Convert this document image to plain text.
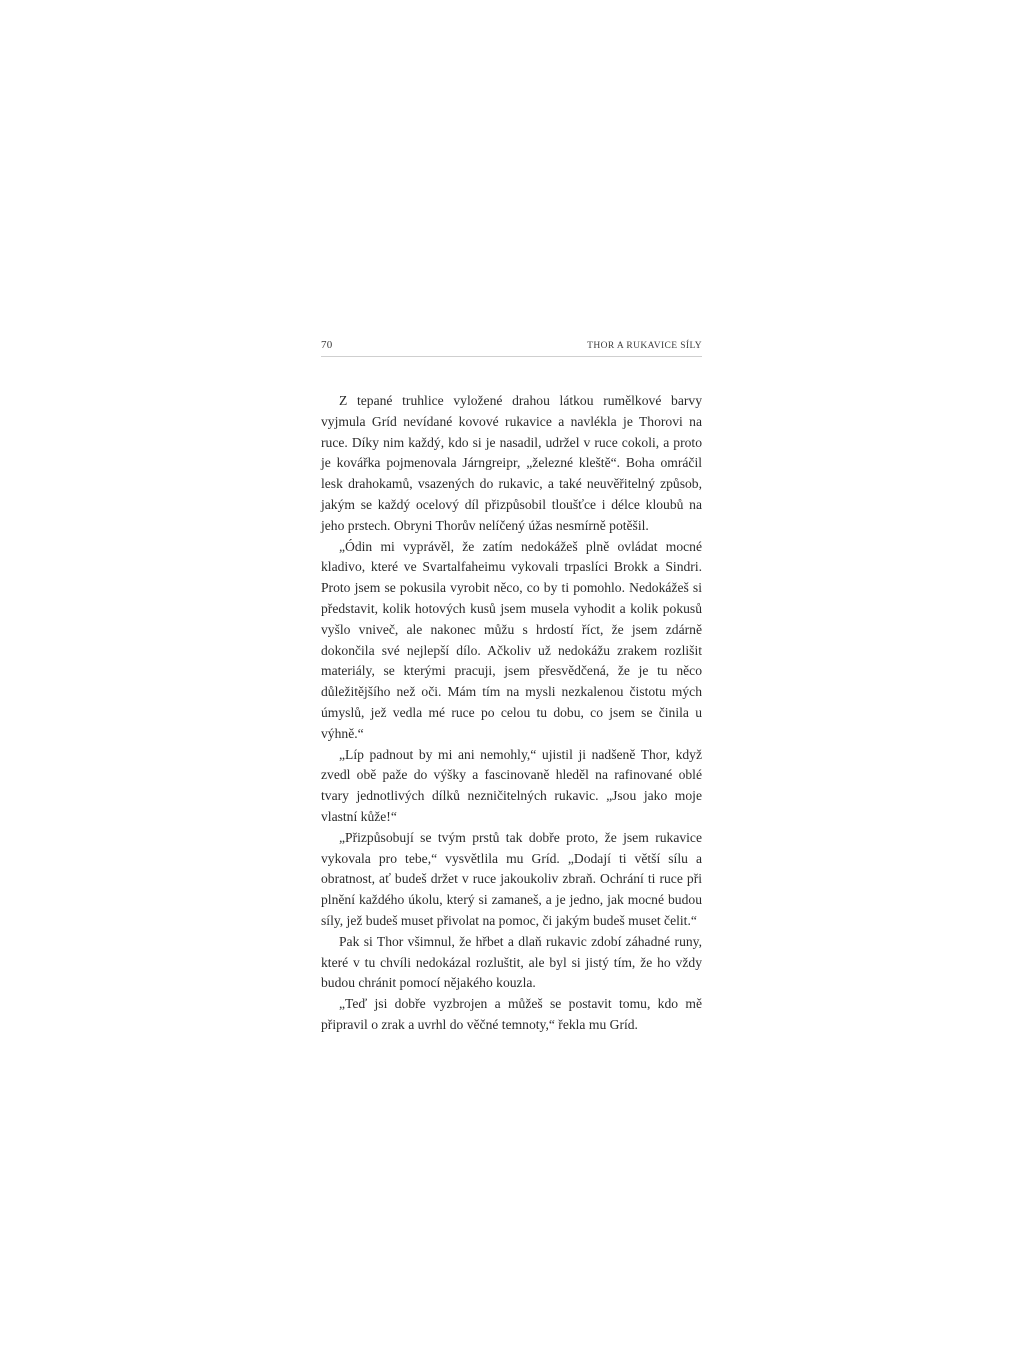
70	THOR A RUKAVICE SÍLY

Z tepané truhlice vyložené drahou látkou rumělkové barvy vyjmula Gríd nevídané kovové rukavice a navlékla je Thorovi na ruce. Díky nim každý, kdo si je nasadil, udržel v ruce cokoli, a proto je kovářka pojmenovala Járngreipr, „železné kleště“. Boha omráčil lesk drahokamů, vsazených do rukavic, a také neuvěřitelný způsob, jakým se každý ocelový díl přizpůsobil tloušťce i délce kloubů na jeho prstech. Obryni Thorův nelíčený úžas nesmírně potěšil.

„Ódin mi vyprávěl, že zatím nedokážeš plně ovládat mocné kladivo, které ve Svartalfaheimu vykovali trpaslíci Brokk a Sindri. Proto jsem se pokusila vyrobit něco, co by ti pomohlo. Nedokážeš si představit, kolik hotových kusů jsem musela vyhodit a kolik pokusů vyšlo vniveč, ale nakonec můžu s hrdostí říct, že jsem zdárně dokončila své nejlepší dílo. Ačkoliv už nedokážu zrakem rozlišit materiály, se kterými pracuji, jsem přesvědčená, že je tu něco důležitějšího než oči. Mám tím na mysli nezkalenou čistotu mých úmyslů, jež vedla mé ruce po celou tu dobu, co jsem se činila u výhně.“

„Líp padnout by mi ani nemohly,“ ujistil ji nadšeně Thor, když zvedl obě paže do výšky a fascinovaně hleděl na rafinované oblé tvary jednotlivých dílků nezničitelných rukavic. „Jsou jako moje vlastní kůže!“

„Přizpůsobují se tvým prstů tak dobře proto, že jsem rukavice vykovala pro tebe,“ vysvětlila mu Gríd. „Dodají ti větší sílu a obratnost, ať budeš držet v ruce jakoukoliv zbraň. Ochrání ti ruce při plnění každého úkolu, který si zamaneš, a je jedno, jak mocné budou síly, jež budeš muset přivolat na pomoc, či jakým budeš muset čelit.“

Pak si Thor všimnul, že hřbet a dlaň rukavic zdobí záhadné runy, které v tu chvíli nedokázal rozluštit, ale byl si jistý tím, že ho vždy budou chránit pomocí nějakého kouzla.

„Teď jsi dobře vyzbrojen a můžeš se postavit tomu, kdo mě připravil o zrak a uvrhl do věčné temnoty,“ řekla mu Gríd.
